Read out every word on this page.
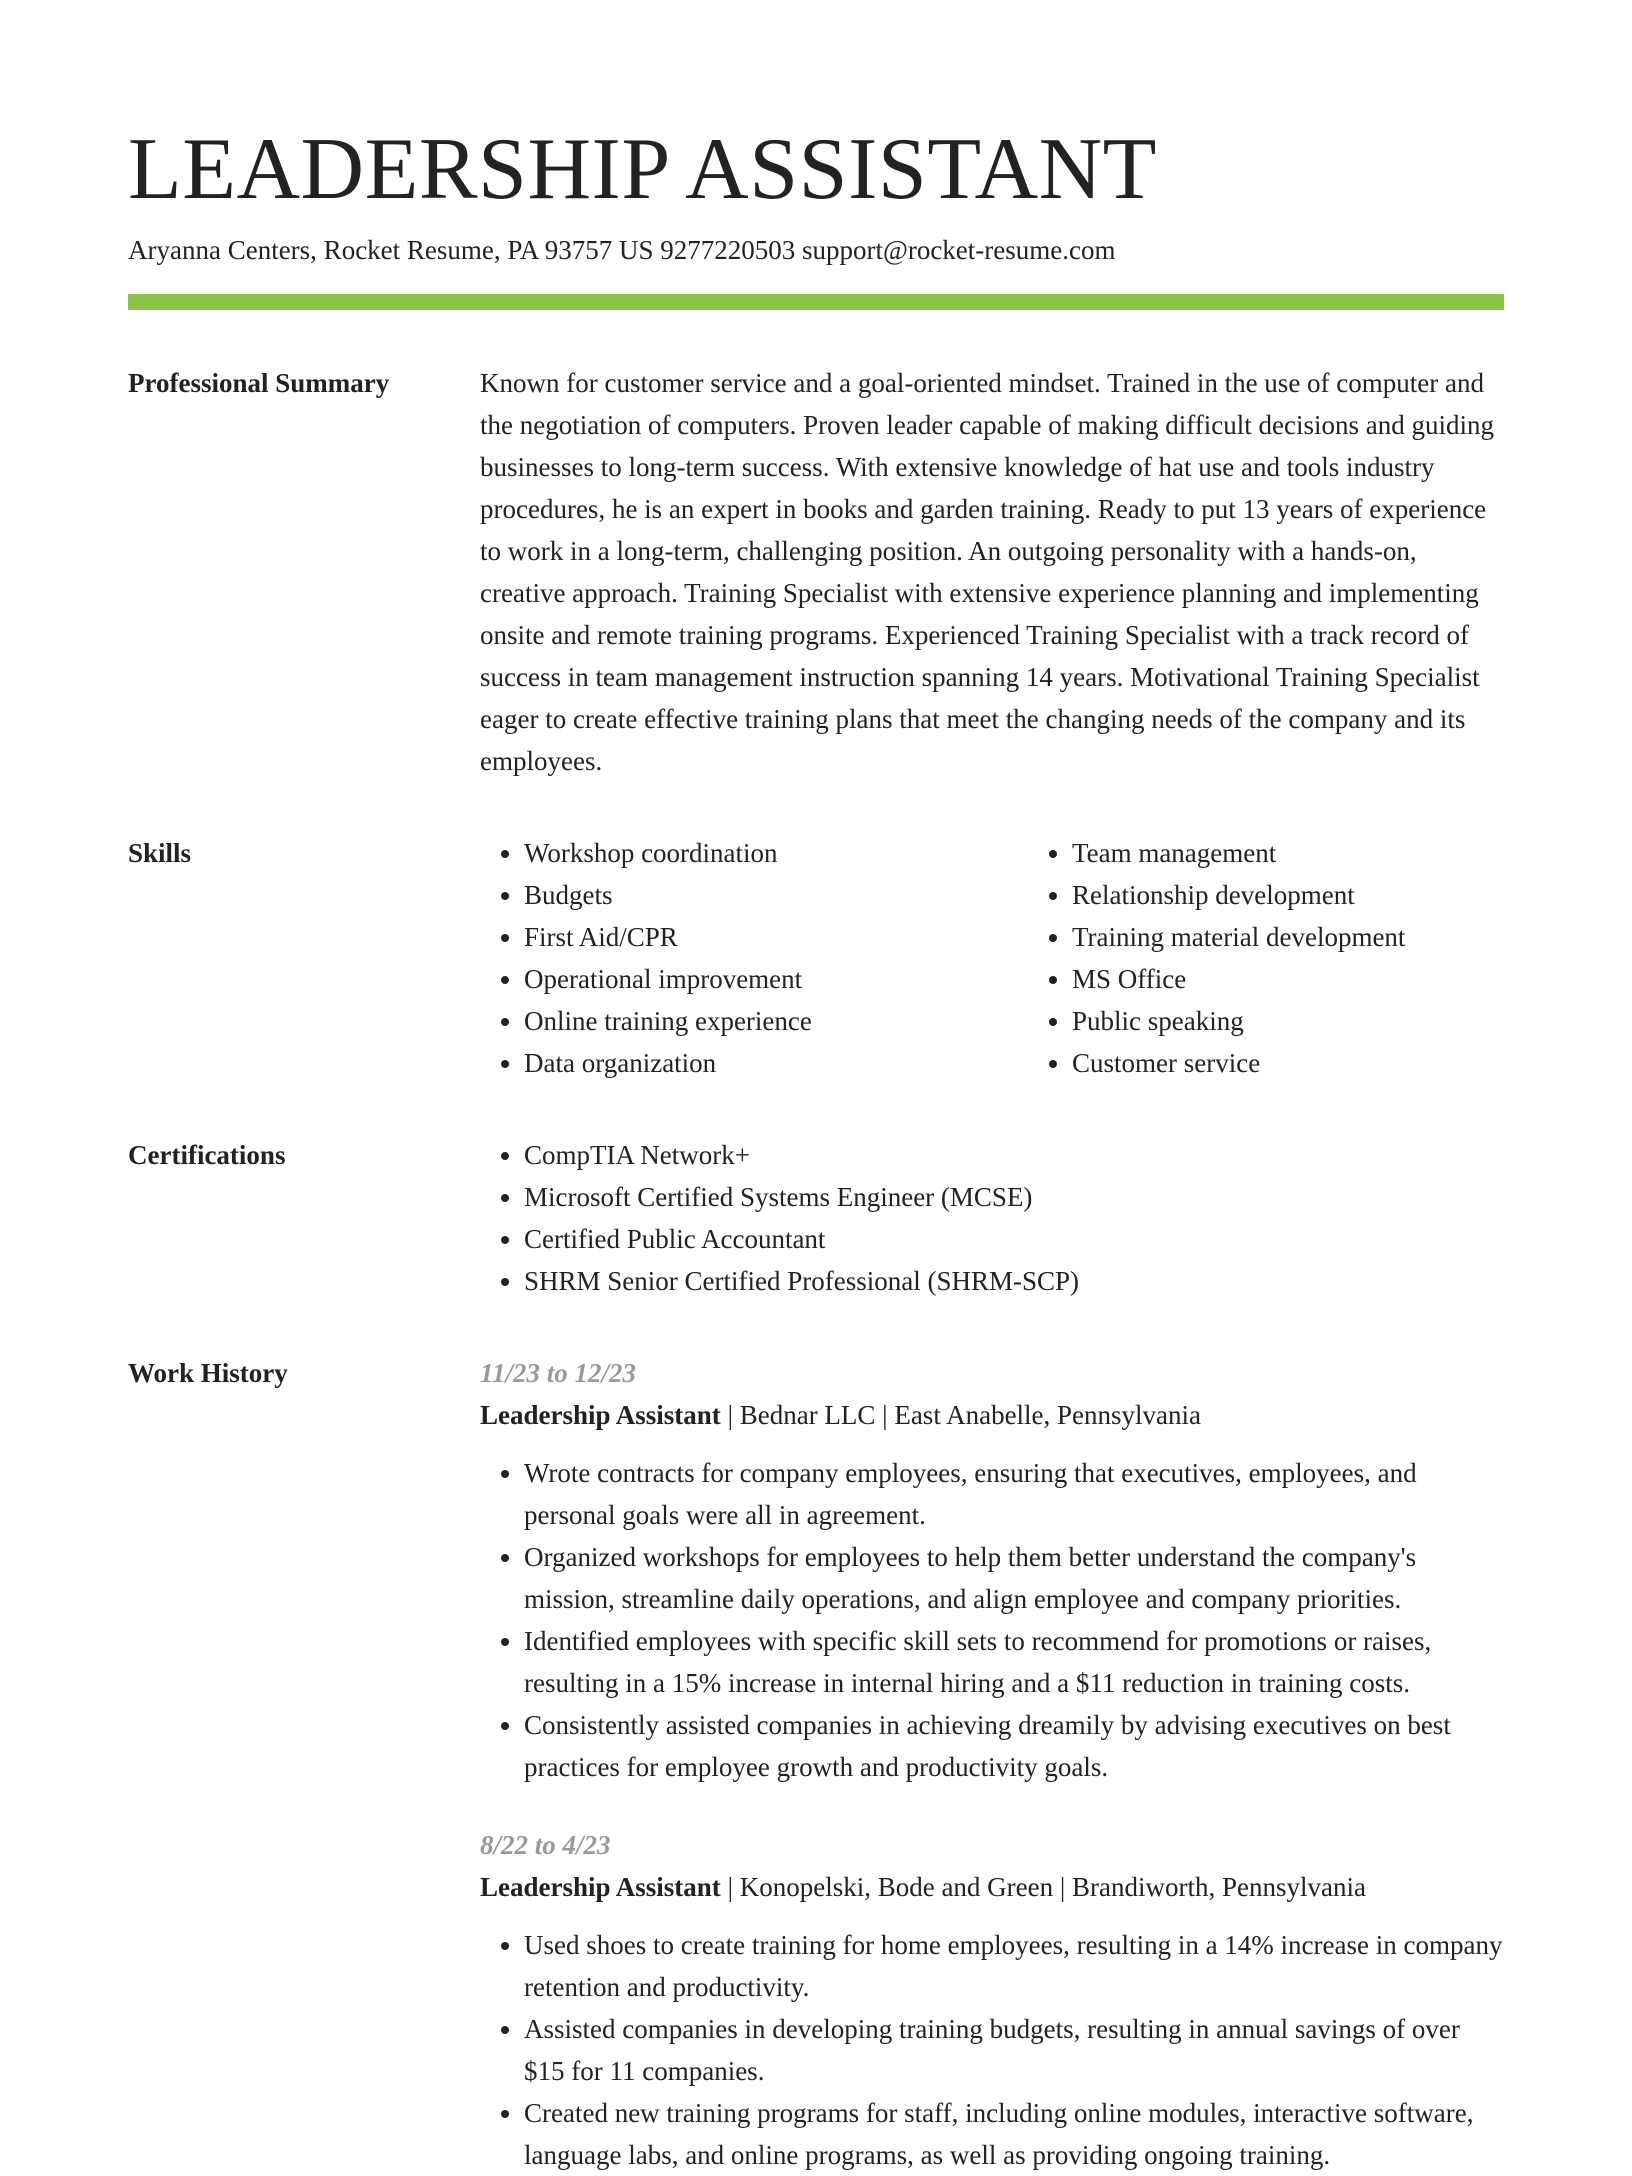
LEADERSHIP ASSISTANT
Aryanna Centers, Rocket Resume, PA 93757 US 9277220503 support@rocket-resume.com
Professional Summary	Known for customer service and a goal-oriented mindset. Trained in the use of computer and the negotiation of computers. Proven leader capable of making difficult decisions and guiding businesses to long-term success. With extensive knowledge of hat use and tools industry procedures, he is an expert in books and garden training. Ready to put 13 years of experience to work in a long-term, challenging position. An outgoing personality with a hands-on, creative approach. Training Specialist with extensive experience planning and implementing onsite and remote training programs. Experienced Training Specialist with a track record of success in team management instruction spanning 14 years. Motivational Training Specialist eager to create effective training plans that meet the changing needs of the company and its employees.

Skills	• Workshop coordination
• Budgets
• First Aid/CPR
• Operational improvement
• Online training experience
• Data organization
• Team management
• Relationship development
• Training material development
• MS Office
• Public speaking
• Customer service
Certifications	• CompTIA Network+
• Microsoft Certified Systems Engineer (MCSE)
• Certified Public Accountant
• SHRM Senior Certified Professional (SHRM-SCP)
Work History	11/23 to 12/23
Leadership Assistant | Bednar LLC | East Anabelle, Pennsylvania
• Wrote contracts for company employees, ensuring that executives, employees, and personal goals were all in agreement.
• Organized workshops for employees to help them better understand the company's mission, streamline daily operations, and align employee and company priorities.
• Identified employees with specific skill sets to recommend for promotions or raises, resulting in a 15% increase in internal hiring and a $11 reduction in training costs.
• Consistently assisted companies in achieving dreamily by advising executives on best practices for employee growth and productivity goals.
8/22 to 4/23
Leadership Assistant | Konopelski, Bode and Green | Brandiworth, Pennsylvania
• Used shoes to create training for home employees, resulting in a 14% increase in company retention and productivity.
• Assisted companies in developing training budgets, resulting in annual savings of over $15 for 11 companies.
• Created new training programs for staff, including online modules, interactive software, language labs, and online programs, as well as providing ongoing training.
